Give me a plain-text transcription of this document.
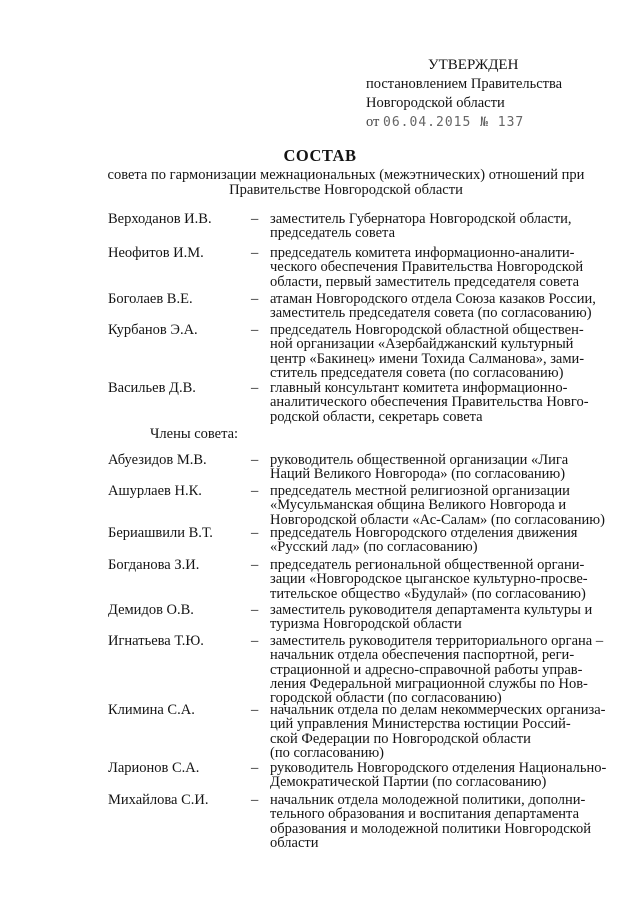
УТВЕРЖДЕН
постановлением Правительства
Новгородской области
от 06.04.2015 № 137
СОСТАВ
совета по гармонизации межнациональных (межэтнических) отношений при Правительстве Новгородской области
Верходанов И.В.	– заместитель Губернатора Новгородской области,
председатель совета
Неофитов И.М.	– председатель комитета информационно-аналити-
ческого обеспечения Правительства Новгородской
области, первый заместитель председателя совета
Боголаев В.Е.	– атаман Новгородского отдела Союза казаков России,
заместитель председателя совета (по согласованию)
Курбанов Э.А.	– председатель Новгородской областной обществен-
ной организации «Азербайджанский культурный
центр «Бакинец» имени Тохида Салманова», зами-
ститель председателя совета (по согласованию)
Васильев Д.В.	– главный консультант комитета информационно-
аналитического обеспечения Правительства Новго-
родской области, секретарь совета
Члены совета:
Абуезидов М.В.	– руководитель общественной организации «Лига
Наций Великого Новгорода» (по согласованию)
Ашурлаев Н.К.	– председатель местной религиозной организации
«Мусульманская община Великого Новгорода и
Новгородской области «Ас-Салам» (по согласованию)
Бериашвили В.Т.	– председатель Новгородского отделения движения
«Русский лад» (по согласованию)
Богданова З.И.	– председатель региональной общественной органи-
зации «Новгородское цыганское культурно-просве-
тительское общество «Будулай» (по согласованию)
Демидов О.В.	– заместитель руководителя департамента культуры и
туризма Новгородской области
Игнатьева Т.Ю.	– заместитель руководителя территориального органа –
начальник отдела обеспечения паспортной, реги-
страционной и адресно-справочной работы управ-
ления Федеральной миграционной службы по Нов-
городской области (по согласованию)
Климина С.А.	– начальник отдела по делам некоммерческих организа-
ций управления Министерства юстиции Россий-
ской Федерации по Новгородской области
(по согласованию)
Ларионов С.А.	– руководитель Новгородского отделения Национально-
Демократической Партии (по согласованию)
Михайлова С.И.	– начальник отдела молодежной политики, дополни-
тельного образования и воспитания департамента
образования и молодежной политики Новгородской
области
